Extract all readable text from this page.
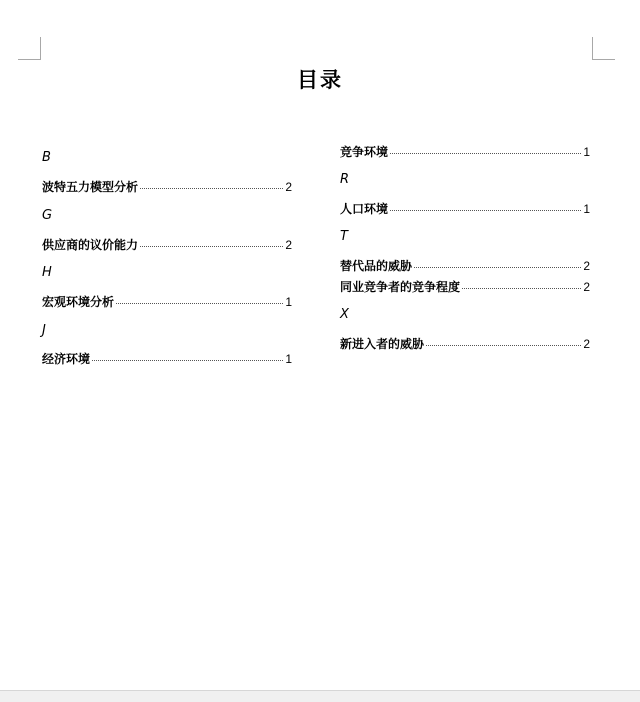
目录
B
波特五力模型分析	2
G
供应商的议价能力	2
H
宏观环境分析	1
J
经济环境	1
竞争环境	1
R
人口环境	1
T
替代品的威胁	2
同业竞争者的竞争程度	2
X
新进入者的威胁	2
